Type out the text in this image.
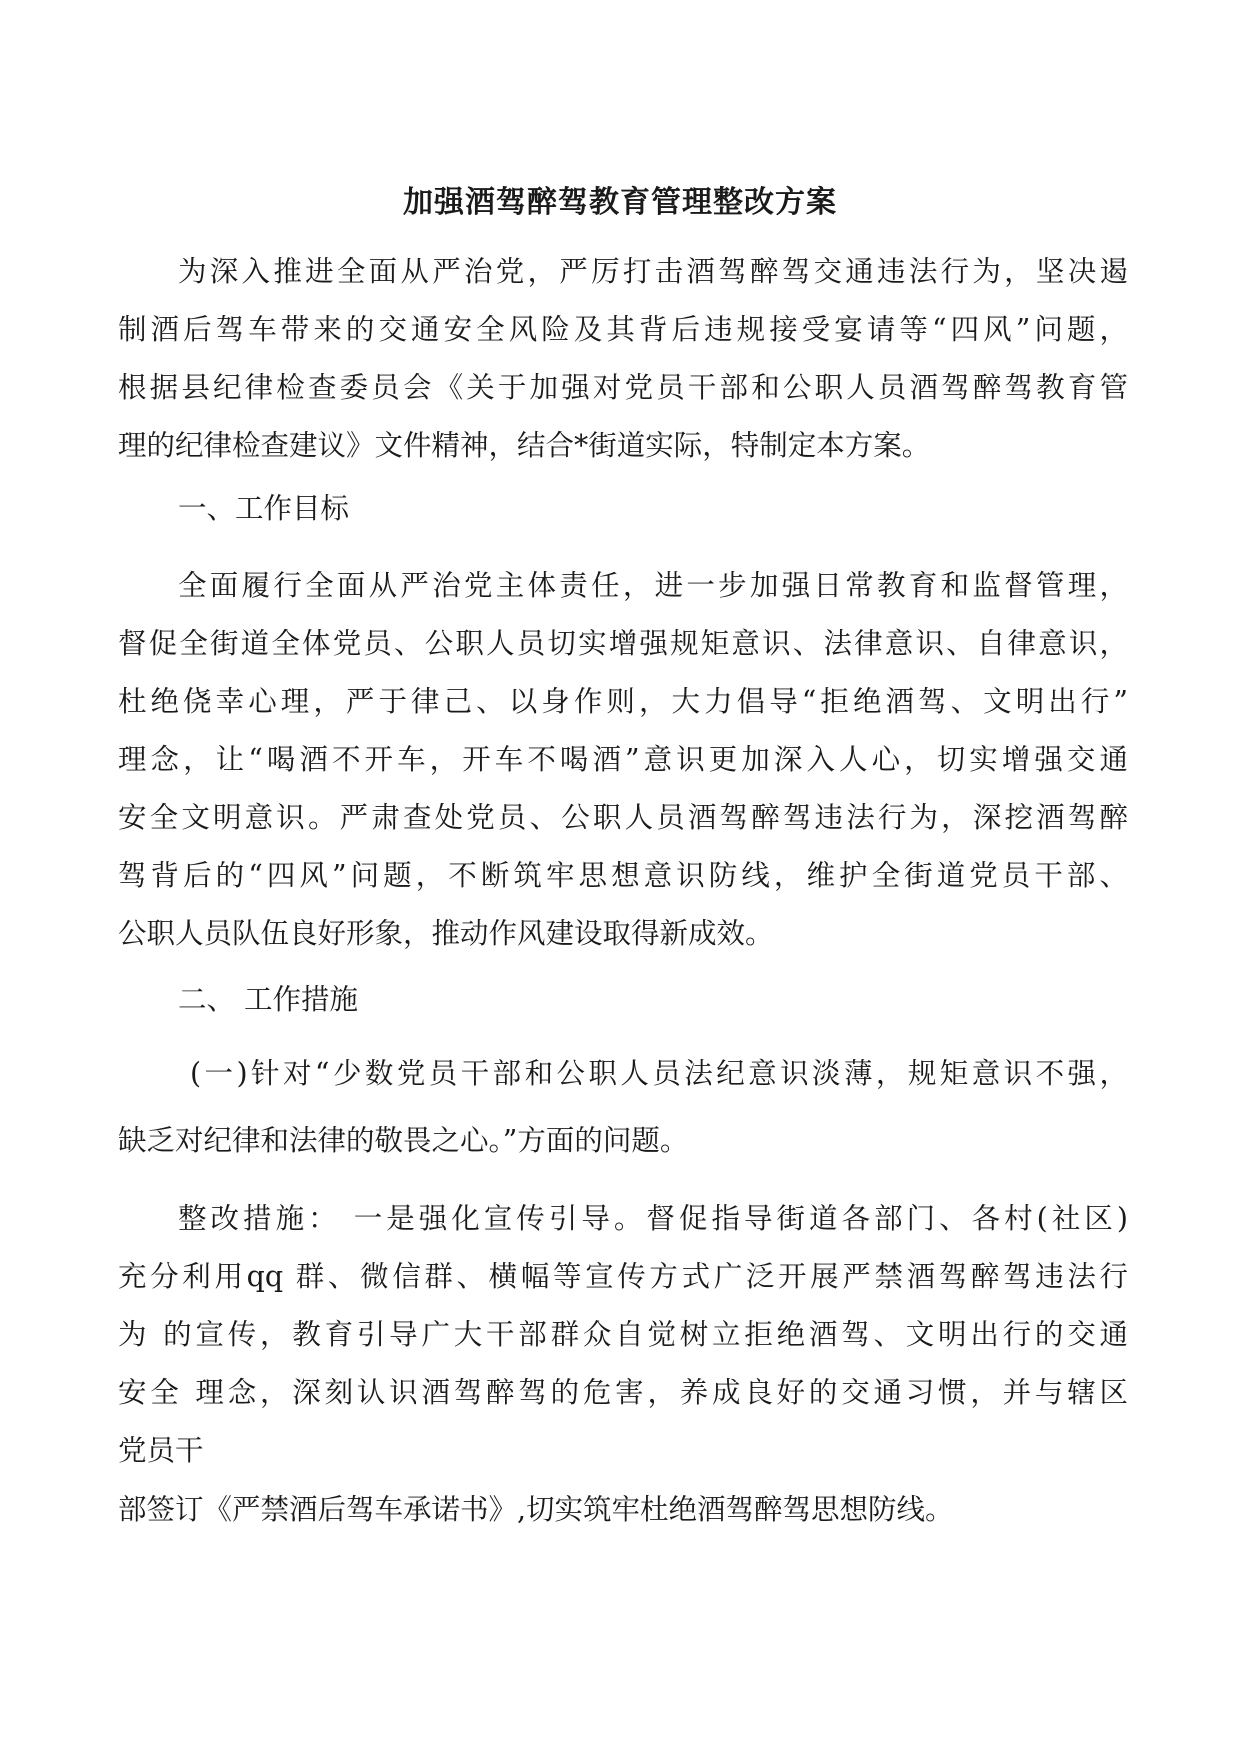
加强酒驾醉驾教育管理整改方案
为深入推进全面从严治党，严厉打击酒驾醉驾交通违法行为，坚决遏
制酒后驾车带来的交通安全风险及其背后违规接受宴请等“四风”问题，
根据县纪律检查委员会《关于加强对党员干部和公职人员酒驾醉驾教育管
理的纪律检查建议》文件精神，结合*街道实际，特制定本方案。
一、工作目标
全面履行全面从严治党主体责任，进一步加强日常教育和监督管理，
督促全街道全体党员、公职人员切实增强规矩意识、法律意识、自律意识，
杜绝侥幸心理，严于律己、以身作则，大力倡导“拒绝酒驾、文明出行”
理念，让“喝酒不开车，开车不喝酒”意识更加深入人心，切实增强交通
安全文明意识。严肃查处党员、公职人员酒驾醉驾违法行为，深挖酒驾醉
驾背后的“四风”问题，不断筑牢思想意识防线，维护全街道党员干部、
公职人员队伍良好形象，推动作风建设取得新成效。
二、 工作措施
(一)针对“少数党员干部和公职人员法纪意识淡薄，规矩意识不强，
缺乏对纪律和法律的敬畏之心。”方面的问题。
整改措施： 一是强化宣传引导。督促指导街道各部门、各村(社区)
充分利用qq 群、微信群、横幅等宣传方式广泛开展严禁酒驾醉驾违法行
为 的宣传，教育引导广大干部群众自觉树立拒绝酒驾、文明出行的交通
安全 理念，深刻认识酒驾醉驾的危害，养成良好的交通习惯，并与辖区
党员干
部签订《严禁酒后驾车承诺书》,切实筑牢杜绝酒驾醉驾思想防线。
